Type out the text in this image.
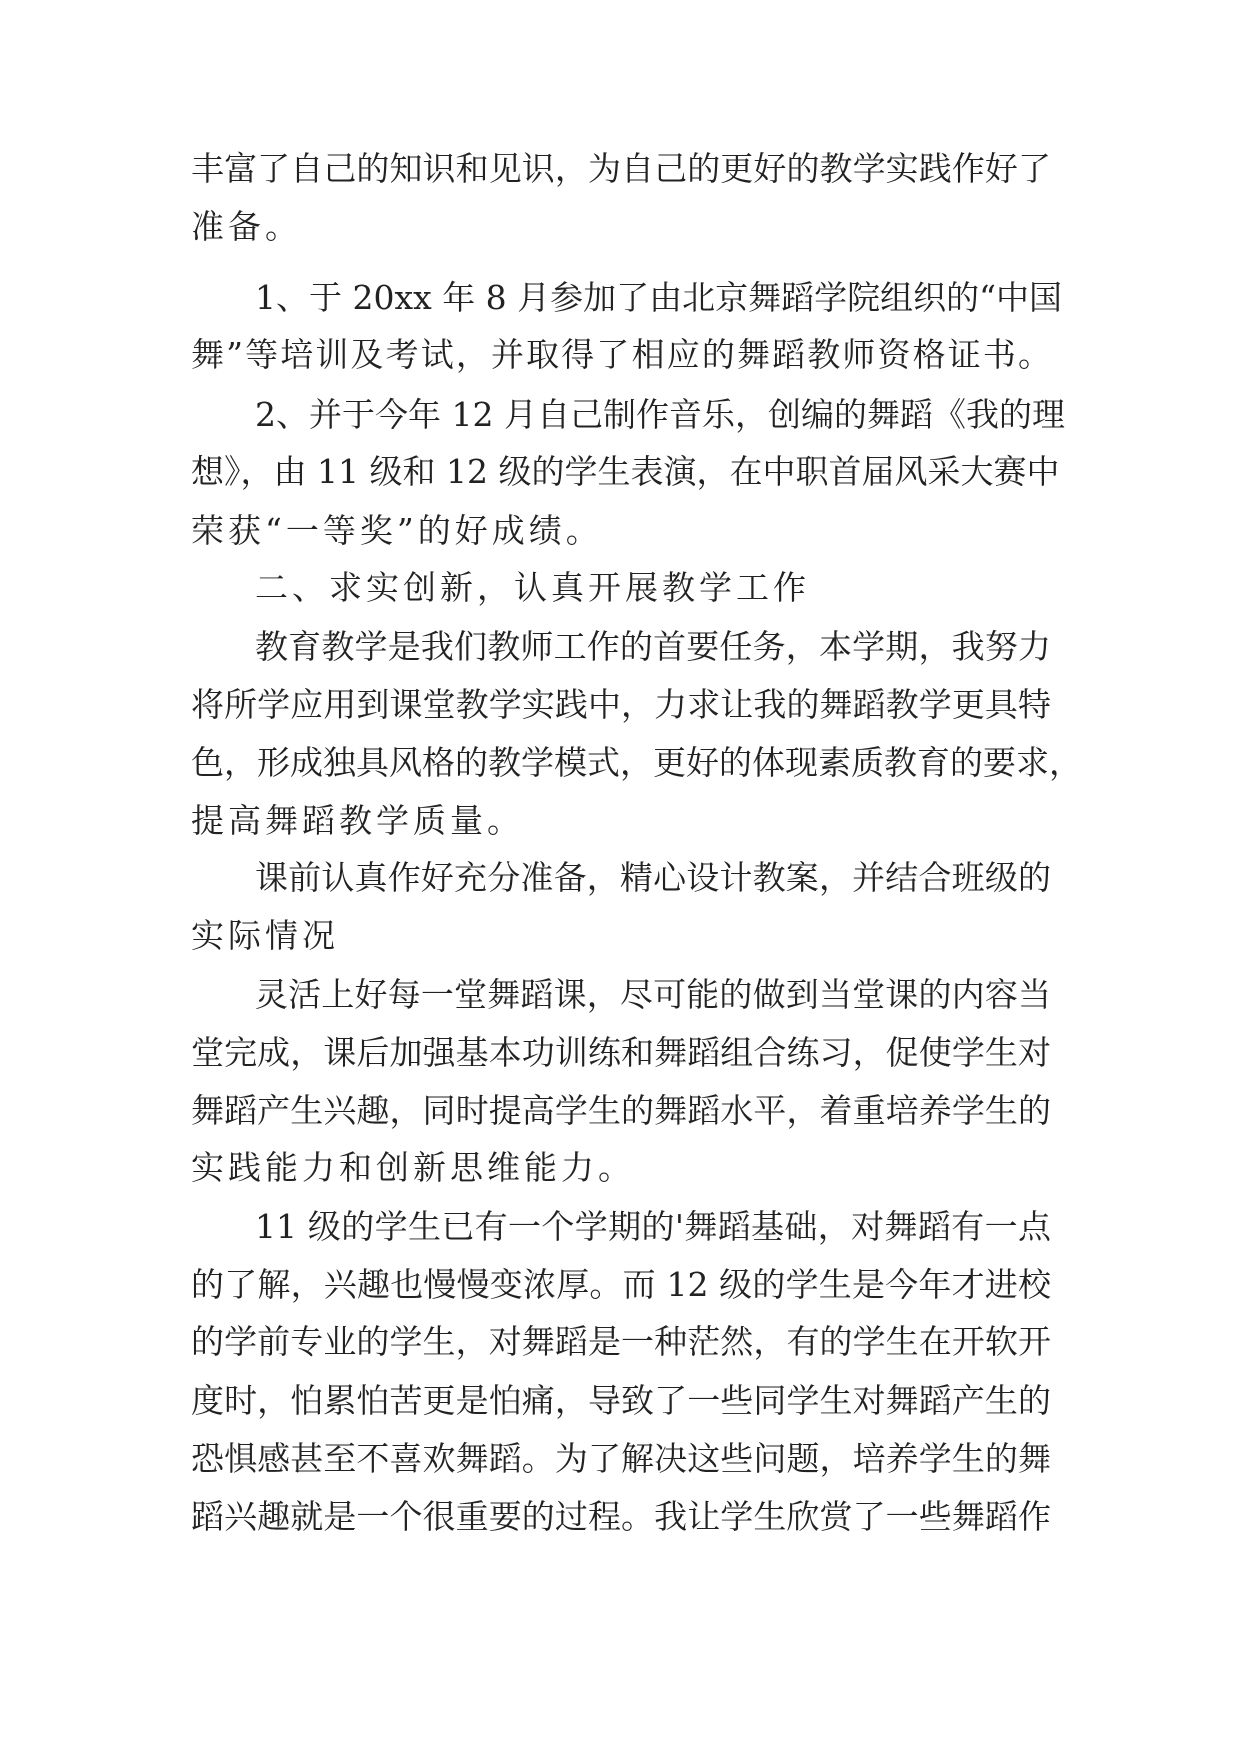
丰富了自己的知识和见识，为自己的更好的教学实践作好了
准备。
1、于 20xx 年 8 月参加了由北京舞蹈学院组织的“中国
舞”等培训及考试，并取得了相应的舞蹈教师资格证书。
2、并于今年 12 月自己制作音乐，创编的舞蹈《我的理
想》，由 11 级和 12 级的学生表演，在中职首届风采大赛中
荣获“一等奖”的好成绩。
二、求实创新，认真开展教学工作
教育教学是我们教师工作的首要任务，本学期，我努力
将所学应用到课堂教学实践中，力求让我的舞蹈教学更具特
色，形成独具风格的教学模式，更好的体现素质教育的要求，
提高舞蹈教学质量。
课前认真作好充分准备，精心设计教案，并结合班级的
实际情况
灵活上好每一堂舞蹈课，尽可能的做到当堂课的内容当
堂完成，课后加强基本功训练和舞蹈组合练习，促使学生对
舞蹈产生兴趣，同时提高学生的舞蹈水平，着重培养学生的
实践能力和创新思维能力。
11 级的学生已有一个学期的'舞蹈基础，对舞蹈有一点
的了解，兴趣也慢慢变浓厚。而 12 级的学生是今年才进校
的学前专业的学生，对舞蹈是一种茫然，有的学生在开软开
度时，怕累怕苦更是怕痛，导致了一些同学生对舞蹈产生的
恐惧感甚至不喜欢舞蹈。为了解决这些问题，培养学生的舞
蹈兴趣就是一个很重要的过程。我让学生欣赏了一些舞蹈作
